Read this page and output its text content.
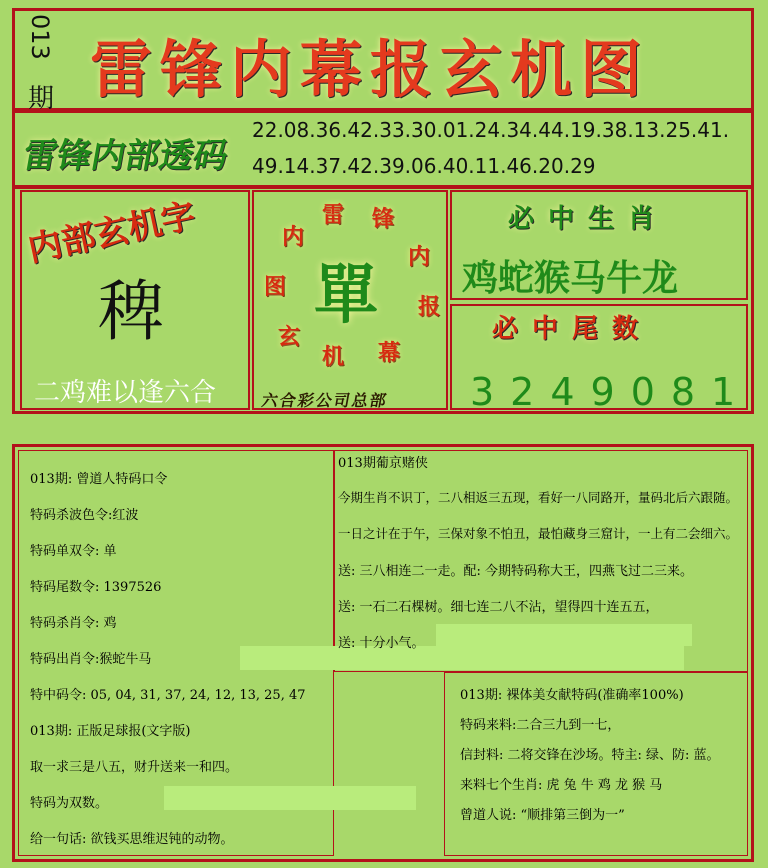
013
期 雷锋内幕报玄机图
雷锋内部透码
22.08.36.42.33.30.01.24.34.44.19.38.13.25.41.
49.14.37.42.39.06.40.11.46.20.29
内部玄机字
稗
二鸡难以逢六合
内
雷 锋
内
图
报
玄
机 幕
單
六合彩公司总部
必中生肖
鸡蛇猴马牛龙
必中尾数
3249081
013期: 曾道人特码口令
特码杀波色令:红波
特码单双令: 单
特码尾数令: 1397526
特码杀肖令: 鸡
特码出肖令:猴蛇牛马
特中码令: 05, 04, 31, 37, 24, 12, 13, 25, 47
013期: 正版足球报(文字版)
取一求三是八五，财升送来一和四。
特码为双数。
给一句话: 欲钱买思维迟钝的动物。
013期葡京赌侠
今期生肖不识丁，二八相返三五现，看好一八同路开，量码北后六跟随。
一日之计在于午，三保对象不怕丑，最怕藏身三窟计，一上有二会细六。
送: 三八相连二一走。配: 今期特码称大王，四燕飞过二三来。
送: 一石二石棵树。细七连二八不沾，望得四十连五五，
送: 十分小气。
013期: 裸体美女献特码(准确率100%)
特码来料:二合三九到一七，
信封料: 二将交锋在沙场。特主: 绿、防: 蓝。
来料七个生肖: 虎 兔 牛 鸡 龙 猴 马
曾道人说: “顺排第三倒为一”
